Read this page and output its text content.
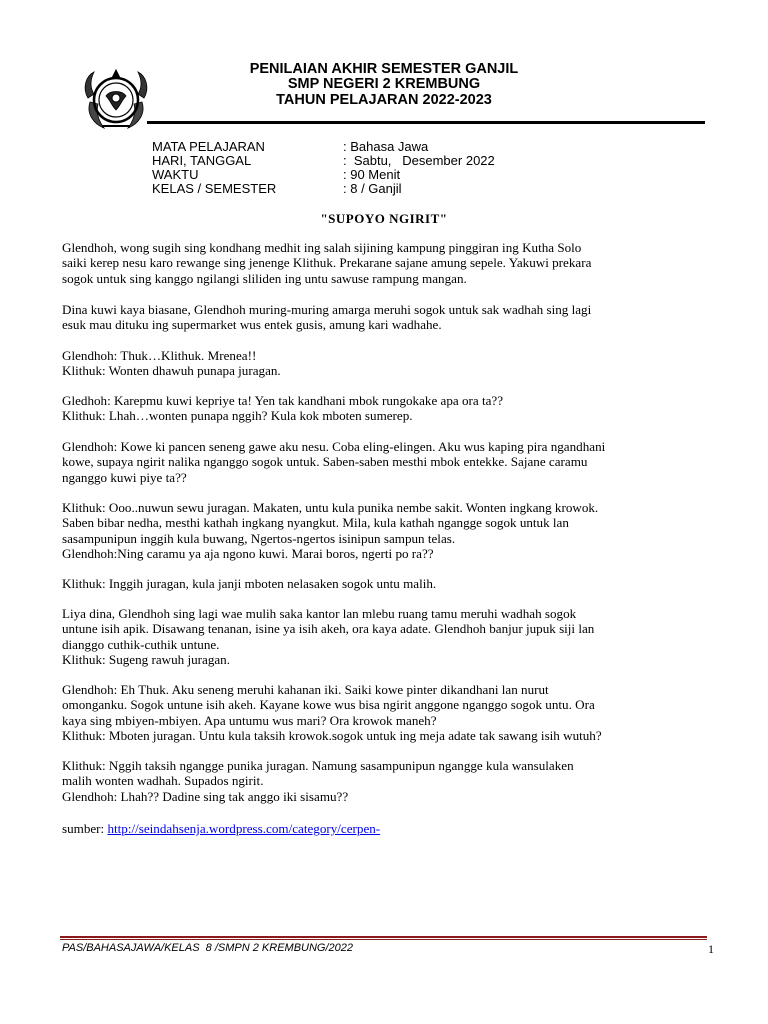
PENILAIAN AKHIR SEMESTER GANJIL
SMP NEGERI 2 KREMBUNG
TAHUN PELAJARAN 2022-2023
MATA PELAJARAN	: Bahasa Jawa
HARI, TANGGAL	:  Sabtu,   Desember 2022
WAKTU	: 90 Menit
KELAS / SEMESTER	: 8 / Ganjil
"SUPOYO NGIRIT"

Glendhoh, wong sugih sing kondhang medhit ing salah sijining kampung pinggiran ing Kutha Solo

saiki kerep nesu karo rewange sing jenenge Klithuk. Prekarane sajane amung sepele. Yakuwi prekara

sogok untuk sing kanggo ngilangi sliliden ing untu sawuse rampung mangan.

Dina kuwi kaya biasane, Glendhoh muring-muring amarga meruhi sogok untuk sak wadhah sing lagi

esuk mau dituku ing supermarket wus entek gusis, amung kari wadhahe.

Glendhoh: Thuk…Klithuk. Mrenea!!

Klithuk: Wonten dhawuh punapa juragan.

Gledhoh: Karepmu kuwi kepriye ta! Yen tak kandhani mbok rungokake apa ora ta??

Klithuk: Lhah…wonten punapa nggih? Kula kok mboten sumerep.

Glendhoh: Kowe ki pancen seneng gawe aku nesu. Coba eling-elingen. Aku wus kaping pira ngandhani

kowe, supaya ngirit nalika nganggo sogok untuk. Saben-saben mesthi mbok entekke. Sajane caramu

nganggo kuwi piye ta??

Klithuk: Ooo..nuwun sewu juragan. Makaten, untu kula punika nembe sakit. Wonten ingkang krowok.

Saben bibar nedha, mesthi kathah ingkang nyangkut. Mila, kula kathah ngangge sogok untuk lan

sasampunipun inggih kula buwang, Ngertos-ngertos isinipun sampun telas.

Glendhoh:Ning caramu ya aja ngono kuwi. Marai boros, ngerti po ra??

Klithuk: Inggih juragan, kula janji mboten nelasaken sogok untu malih.

Liya dina, Glendhoh sing lagi wae mulih saka kantor lan mlebu ruang tamu meruhi wadhah sogok

untune isih apik. Disawang tenanan, isine ya isih akeh, ora kaya adate. Glendhoh banjur jupuk siji lan

dianggo cuthik-cuthik untune.

Klithuk: Sugeng rawuh juragan.

Glendhoh: Eh Thuk. Aku seneng meruhi kahanan iki. Saiki kowe pinter dikandhani lan nurut

omonganku. Sogok untune isih akeh. Kayane kowe wus bisa ngirit anggone nganggo sogok untu. Ora

kaya sing mbiyen-mbiyen. Apa untumu wus mari? Ora krowok maneh?

Klithuk: Mboten juragan. Untu kula taksih krowok.sogok untuk ing meja adate tak sawang isih wutuh?

Klithuk: Nggih taksih ngangge punika juragan. Namung sasampunipun ngangge kula wansulaken

malih wonten wadhah. Supados ngirit.

Glendhoh: Lhah?? Dadine sing tak anggo iki sisamu??

sumber: http://seindahsenja.wordpress.com/category/cerpen-
PAS/BAHASAJAWA/KELAS  8 /SMPN 2 KREMBUNG/2022	1
